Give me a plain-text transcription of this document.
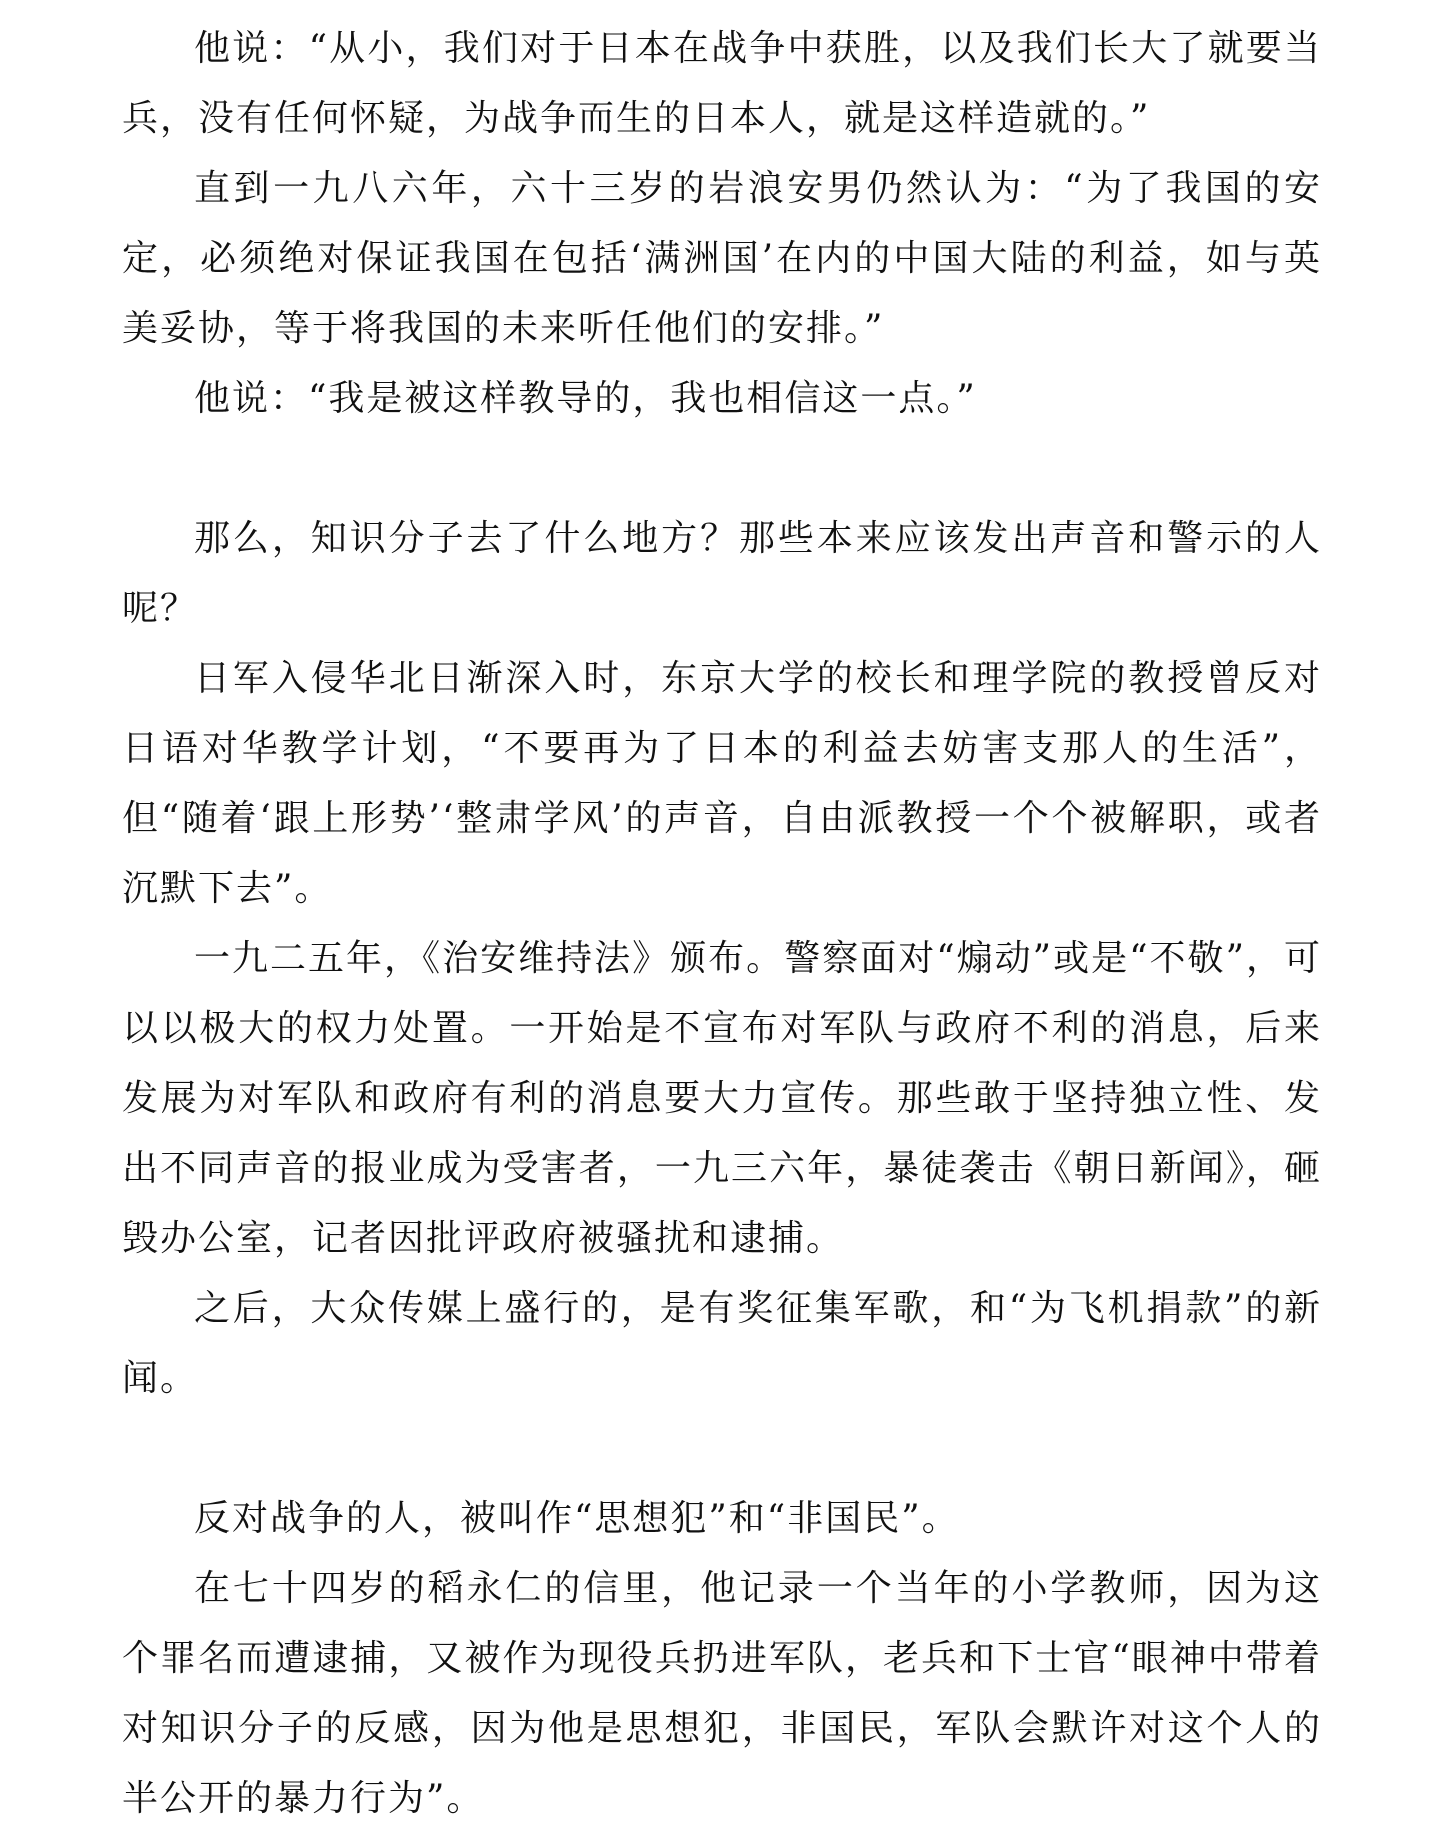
他说：“从小，我们对于日本在战争中获胜，以及我们长大了就要当兵，没有任何怀疑，为战争而生的日本人，就是这样造就的。”

直到一九八六年，六十三岁的岩浪安男仍然认为：“为了我国的安定，必须绝对保证我国在包括‘满洲国’在内的中国大陆的利益，如与英美妥协，等于将我国的未来听任他们的安排。”

他说：“我是被这样教导的，我也相信这一点。”

那么，知识分子去了什么地方？那些本来应该发出声音和警示的人呢？

日军入侵华北日渐深入时，东京大学的校长和理学院的教授曾反对日语对华教学计划，“不要再为了日本的利益去妨害支那人的生活”，但“随着‘跟上形势’‘整肃学风’的声音，自由派教授一个个被解职，或者沉默下去”。

一九二五年，《治安维持法》颁布。警察面对“煽动”或是“不敬”，可以以极大的权力处置。一开始是不宣布对军队与政府不利的消息，后来发展为对军队和政府有利的消息要大力宣传。那些敢于坚持独立性、发出不同声音的报业成为受害者，一九三六年，暴徒袭击《朝日新闻》，砸毁办公室，记者因批评政府被骚扰和逮捕。

之后，大众传媒上盛行的，是有奖征集军歌，和“为飞机捐款”的新闻。

反对战争的人，被叫作“思想犯”和“非国民”。

在七十四岁的稻永仁的信里，他记录一个当年的小学教师，因为这个罪名而遭逮捕，又被作为现役兵扔进军队，老兵和下士官“眼神中带着对知识分子的反感，因为他是思想犯，非国民，军队会默许对这个人的半公开的暴力行为”。
